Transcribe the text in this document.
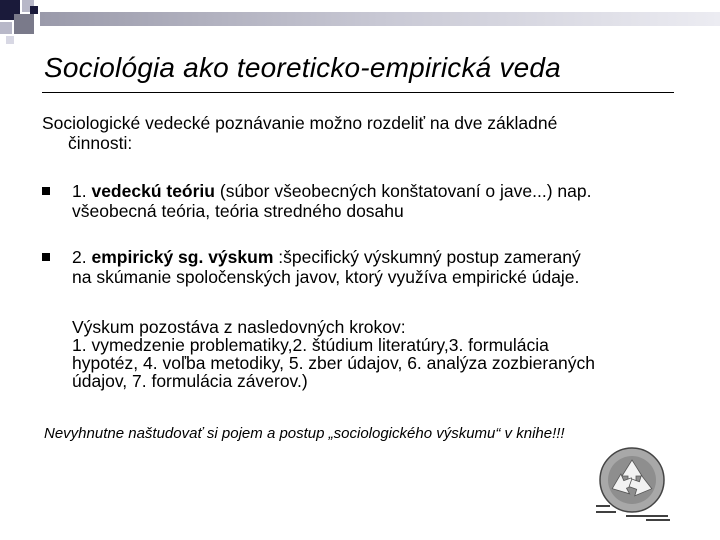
Sociológia ako teoreticko-empirická veda
Sociologické vedecké poznávanie možno rozdeliť na dve základné
činnosti:
1. vedeckú teóriu (súbor všeobecných konštatovaní o jave...) nap.
všeobecná teória, teória stredného dosahu
2. empirický sg. výskum :špecifický výskumný postup zameraný
na skúmanie spoločenských javov, ktorý využíva empirické údaje.
Výskum pozostáva z nasledovných krokov:
1. vymedzenie problematiky,2. štúdium literatúry,3. formulácia
hypotéz, 4. voľba metodiky, 5. zber údajov, 6. analýza zozbieraných
údajov, 7. formulácia záverov.)
Nevyhnutne naštudovať si pojem a postup „sociologického výskumu“ v knihe!!!
